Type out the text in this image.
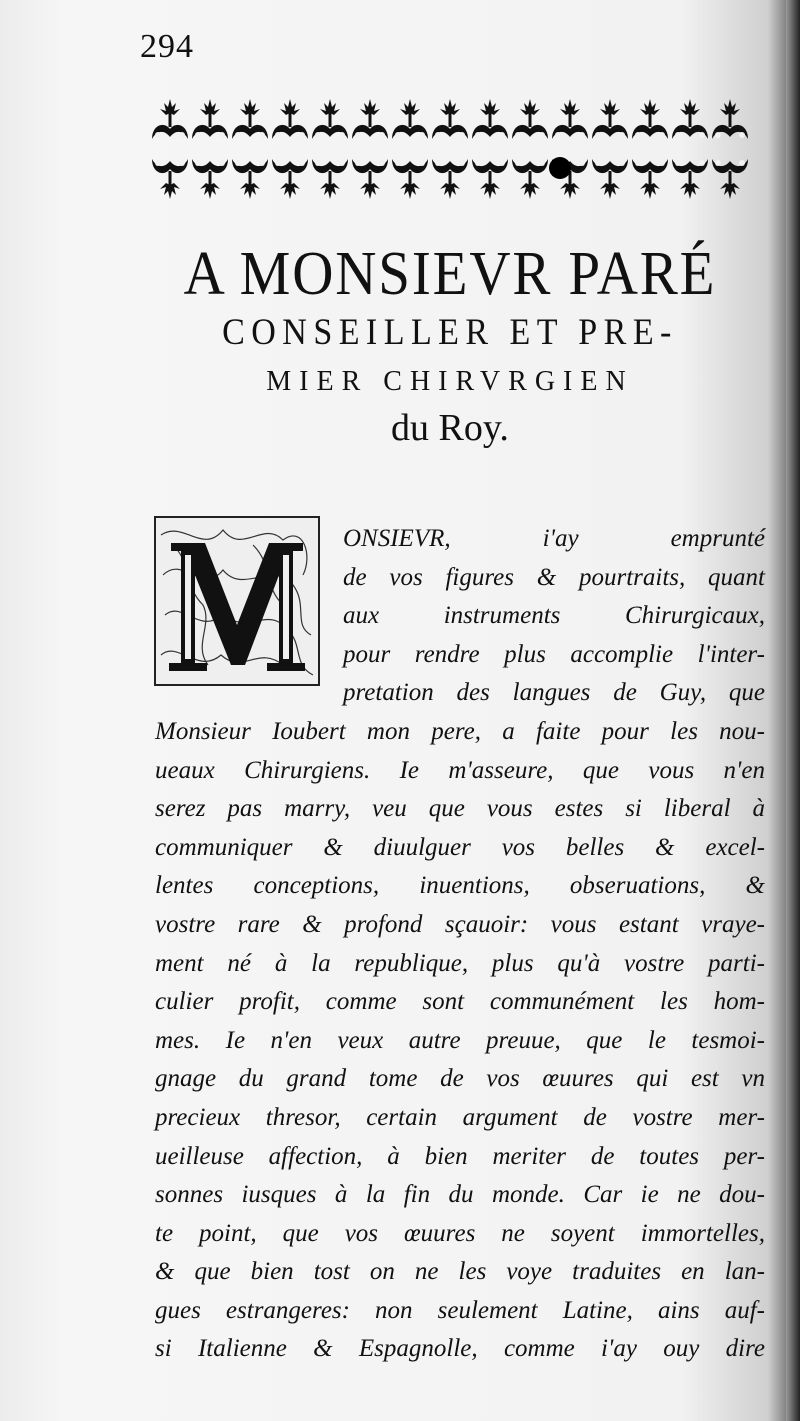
294
A MONSIEVR PARÉ
CONSEILLER ET PRE-
MIER CHIRVRGIEN
du Roy.
ONSIEVR, i'ay emprunté
de vos figures & pourtraits, quant
aux instruments Chirurgicaux,
pour rendre plus accomplie l'inter-
pretation des langues de Guy, que
Monsieur Ioubert mon pere, a faite pour les nou-
ueaux Chirurgiens. Ie m'asseure, que vous n'en
serez pas marry, veu que vous estes si liberal à
communiquer & diuulguer vos belles & excel-
lentes conceptions, inuentions, obseruations, &
vostre rare & profond sçauoir: vous estant vraye-
ment né à la republique, plus qu'à vostre parti-
culier profit, comme sont communément les hom-
mes. Ie n'en veux autre preuue, que le tesmoi-
gnage du grand tome de vos œuures qui est vn
precieux thresor, certain argument de vostre mer-
ueilleuse affection, à bien meriter de toutes per-
sonnes iusques à la fin du monde. Car ie ne dou-
te point, que vos œuures ne soyent immortelles,
& que bien tost on ne les voye traduites en lan-
gues estrangeres: non seulement Latine, ains auf-
si Italienne & Espagnolle, comme i'ay ouy dire
